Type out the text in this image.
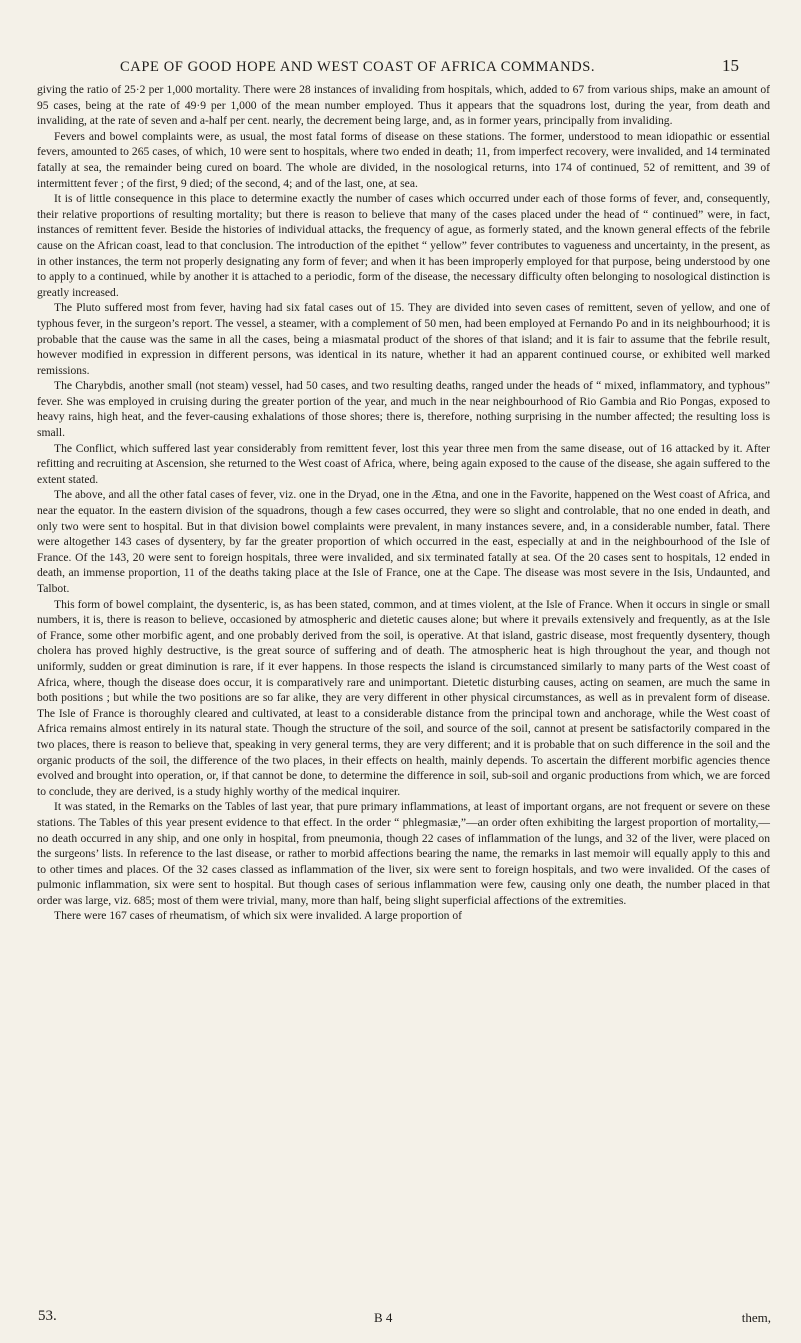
CAPE OF GOOD HOPE AND WEST COAST OF AFRICA COMMANDS.	15

giving the ratio of 25·2 per 1,000 mortality. There were 28 instances of invaliding from hospitals, which, added to 67 from various ships, make an amount of 95 cases, being at the rate of 49·9 per 1,000 of the mean number employed. Thus it appears that the squadrons lost, during the year, from death and invaliding, at the rate of seven and a-half per cent. nearly, the decrement being large, and, as in former years, principally from invaliding.

Fevers and bowel complaints were, as usual, the most fatal forms of disease on these stations. The former, understood to mean idiopathic or essential fevers, amounted to 265 cases, of which, 10 were sent to hospitals, where two ended in death; 11, from imperfect recovery, were invalided, and 14 terminated fatally at sea, the remainder being cured on board. The whole are divided, in the nosological returns, into 174 of continued, 52 of remittent, and 39 of intermittent fever ; of the first, 9 died; of the second, 4; and of the last, one, at sea.

It is of little consequence in this place to determine exactly the number of cases which occurred under each of those forms of fever, and, consequently, their relative proportions of resulting mortality; but there is reason to believe that many of the cases placed under the head of “ continued” were, in fact, instances of remittent fever. Beside the histories of individual attacks, the frequency of ague, as formerly stated, and the known general effects of the febrile cause on the African coast, lead to that conclusion. The introduction of the epithet “ yellow” fever contributes to vagueness and uncertainty, in the present, as in other instances, the term not properly designating any form of fever; and when it has been improperly employed for that purpose, being understood by one to apply to a continued, while by another it is attached to a periodic, form of the disease, the necessary difficulty often belonging to nosological distinction is greatly increased.

The Pluto suffered most from fever, having had six fatal cases out of 15. They are divided into seven cases of remittent, seven of yellow, and one of typhous fever, in the surgeon’s report. The vessel, a steamer, with a complement of 50 men, had been employed at Fernando Po and in its neighbourhood; it is probable that the cause was the same in all the cases, being a miasmatal product of the shores of that island; and it is fair to assume that the febrile result, however modified in expression in different persons, was identical in its nature, whether it had an apparent continued course, or exhibited well marked remissions.

The Charybdis, another small (not steam) vessel, had 50 cases, and two resulting deaths, ranged under the heads of “ mixed, inflammatory, and typhous” fever. She was employed in cruising during the greater portion of the year, and much in the near neighbourhood of Rio Gambia and Rio Pongas, exposed to heavy rains, high heat, and the fever-causing exhalations of those shores; there is, therefore, nothing surprising in the number affected; the resulting loss is small.

The Conflict, which suffered last year considerably from remittent fever, lost this year three men from the same disease, out of 16 attacked by it. After refitting and recruiting at Ascension, she returned to the West coast of Africa, where, being again exposed to the cause of the disease, she again suffered to the extent stated.

The above, and all the other fatal cases of fever, viz. one in the Dryad, one in the Ætna, and one in the Favorite, happened on the West coast of Africa, and near the equator. In the eastern division of the squadrons, though a few cases occurred, they were so slight and controlable, that no one ended in death, and only two were sent to hospital. But in that division bowel complaints were prevalent, in many instances severe, and, in a considerable number, fatal. There were altogether 143 cases of dysentery, by far the greater proportion of which occurred in the east, especially at and in the neighbourhood of the Isle of France. Of the 143, 20 were sent to foreign hospitals, three were invalided, and six terminated fatally at sea. Of the 20 cases sent to hospitals, 12 ended in death, an immense proportion, 11 of the deaths taking place at the Isle of France, one at the Cape. The disease was most severe in the Isis, Undaunted, and Talbot.

This form of bowel complaint, the dysenteric, is, as has been stated, common, and at times violent, at the Isle of France. When it occurs in single or small numbers, it is, there is reason to believe, occasioned by atmospheric and dietetic causes alone; but where it prevails extensively and frequently, as at the Isle of France, some other morbific agent, and one probably derived from the soil, is operative. At that island, gastric disease, most frequently dysentery, though cholera has proved highly destructive, is the great source of suffering and of death. The atmospheric heat is high throughout the year, and though not uniformly, sudden or great diminution is rare, if it ever happens. In those respects the island is circumstanced similarly to many parts of the West coast of Africa, where, though the disease does occur, it is comparatively rare and unimportant. Dietetic disturbing causes, acting on seamen, are much the same in both positions ; but while the two positions are so far alike, they are very different in other physical circumstances, as well as in prevalent form of disease. The Isle of France is thoroughly cleared and cultivated, at least to a considerable distance from the principal town and anchorage, while the West coast of Africa remains almost entirely in its natural state. Though the structure of the soil, and source of the soil, cannot at present be satisfactorily compared in the two places, there is reason to believe that, speaking in very general terms, they are very different; and it is probable that on such difference in the soil and the organic products of the soil, the difference of the two places, in their effects on health, mainly depends. To ascertain the different morbific agencies thence evolved and brought into operation, or, if that cannot be done, to determine the difference in soil, sub-soil and organic productions from which, we are forced to conclude, they are derived, is a study highly worthy of the medical inquirer.

It was stated, in the Remarks on the Tables of last year, that pure primary inflammations, at least of important organs, are not frequent or severe on these stations. The Tables of this year present evidence to that effect. In the order “ phlegmasiæ,”—an order often exhibiting the largest proportion of mortality,—no death occurred in any ship, and one only in hospital, from pneumonia, though 22 cases of inflammation of the lungs, and 32 of the liver, were placed on the surgeons’ lists. In reference to the last disease, or rather to morbid affections bearing the name, the remarks in last memoir will equally apply to this and to other times and places. Of the 32 cases classed as inflammation of the liver, six were sent to foreign hospitals, and two were invalided. Of the cases of pulmonic inflammation, six were sent to hospital. But though cases of serious inflammation were few, causing only one death, the number placed in that order was large, viz. 685; most of them were trivial, many, more than half, being slight superficial affections of the extremities.

There were 167 cases of rheumatism, of which six were invalided. A large proportion of

53.	B 4	them,
